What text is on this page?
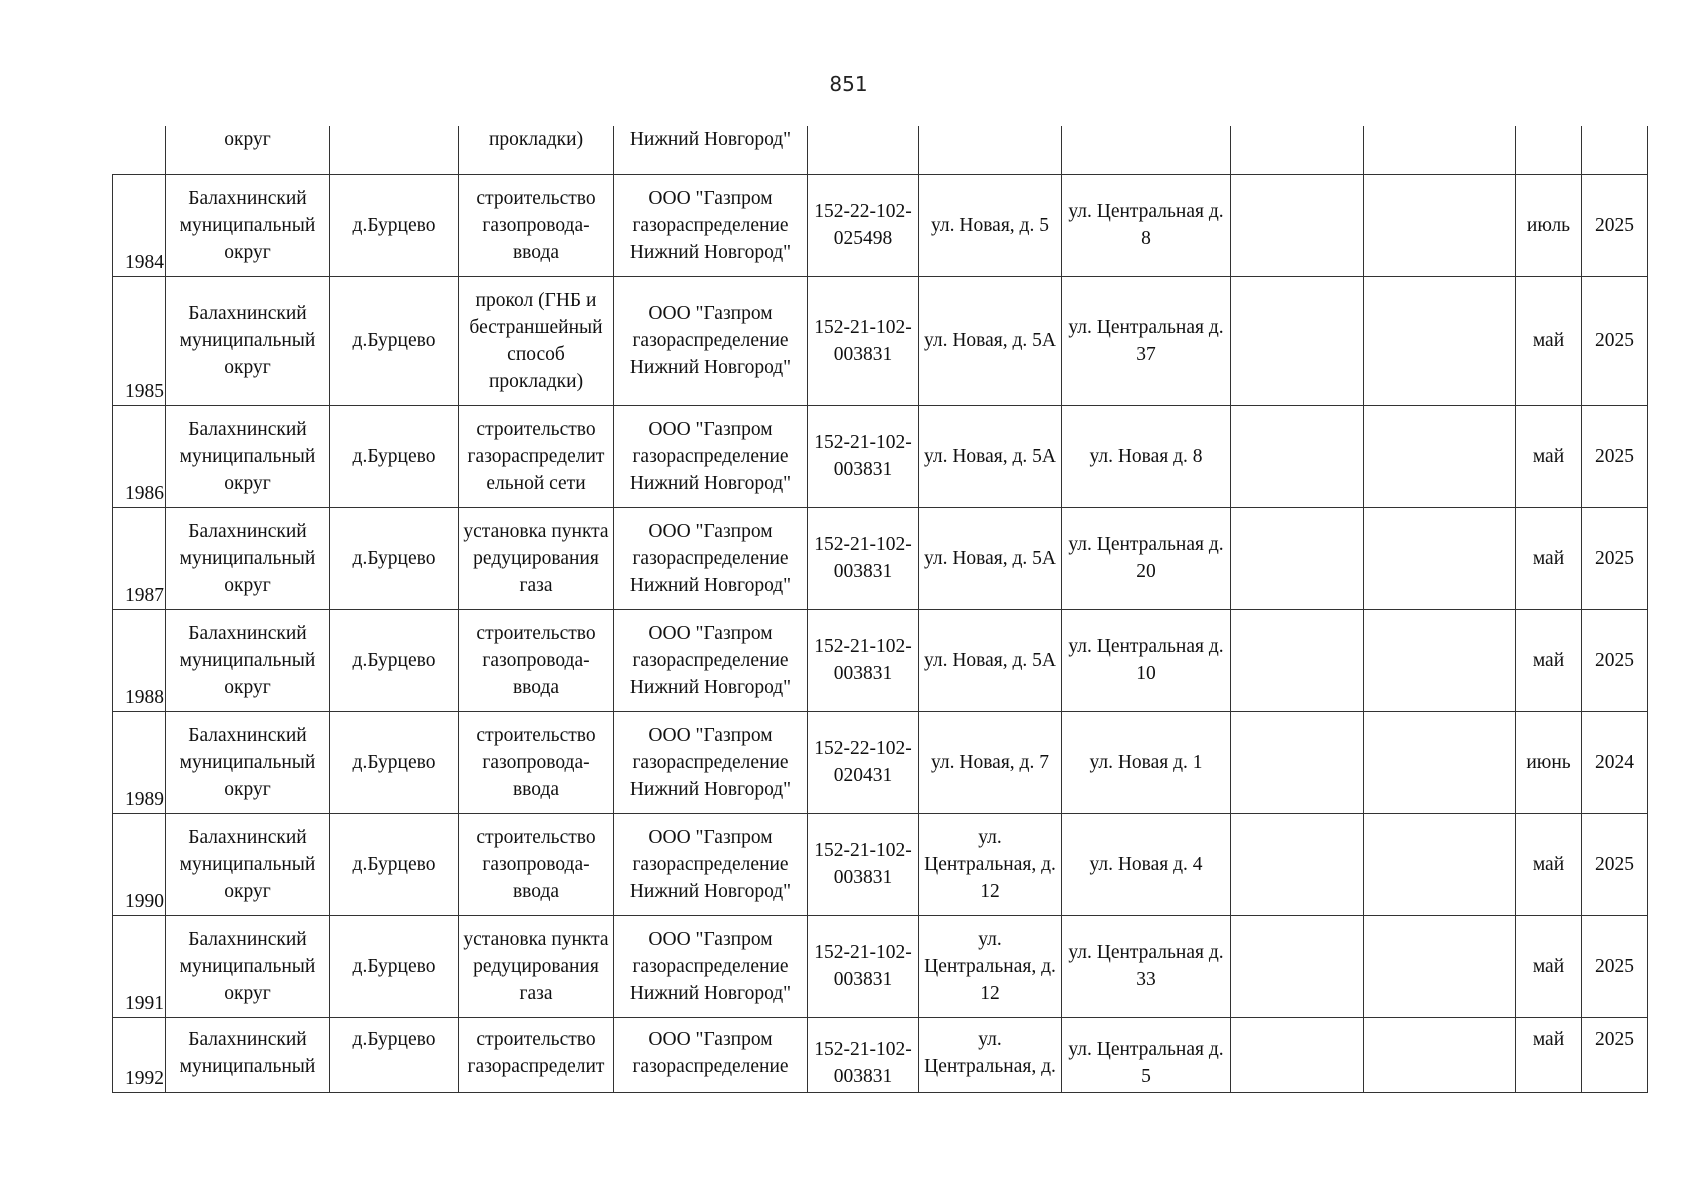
851
	округ		прокладки)	Нижний Новгород"							
1984	Балахнинский муниципальный округ	д.Бурцево	строительство газопровода-ввода	ООО "Газпром газораспределение Нижний Новгород"	152-22-102-025498	ул. Новая, д. 5	ул. Центральная д. 8			июль	2025
1985	Балахнинский муниципальный округ	д.Бурцево	прокол (ГНБ и бестраншейный способ прокладки)	ООО "Газпром газораспределение Нижний Новгород"	152-21-102-003831	ул. Новая, д. 5А	ул. Центральная д. 37			май	2025
1986	Балахнинский муниципальный округ	д.Бурцево	строительство газораспределит ельной сети	ООО "Газпром газораспределение Нижний Новгород"	152-21-102-003831	ул. Новая, д. 5А	ул. Новая д. 8			май	2025
1987	Балахнинский муниципальный округ	д.Бурцево	установка пункта редуцирования газа	ООО "Газпром газораспределение Нижний Новгород"	152-21-102-003831	ул. Новая, д. 5А	ул. Центральная д. 20			май	2025
1988	Балахнинский муниципальный округ	д.Бурцево	строительство газопровода-ввода	ООО "Газпром газораспределение Нижний Новгород"	152-21-102-003831	ул. Новая, д. 5А	ул. Центральная д. 10			май	2025
1989	Балахнинский муниципальный округ	д.Бурцево	строительство газопровода-ввода	ООО "Газпром газораспределение Нижний Новгород"	152-22-102-020431	ул. Новая, д. 7	ул. Новая д. 1			июнь	2024
1990	Балахнинский муниципальный округ	д.Бурцево	строительство газопровода-ввода	ООО "Газпром газораспределение Нижний Новгород"	152-21-102-003831	ул. Центральная, д. 12	ул. Новая д. 4			май	2025
1991	Балахнинский муниципальный округ	д.Бурцево	установка пункта редуцирования газа	ООО "Газпром газораспределение Нижний Новгород"	152-21-102-003831	ул. Центральная, д. 12	ул. Центральная д. 33			май	2025
1992	Балахнинский муниципальный	д.Бурцево	строительство газораспределит	ООО "Газпром газораспределение	152-21-102-003831	ул. Центральная, д.	ул. Центральная д. 5			май	2025
